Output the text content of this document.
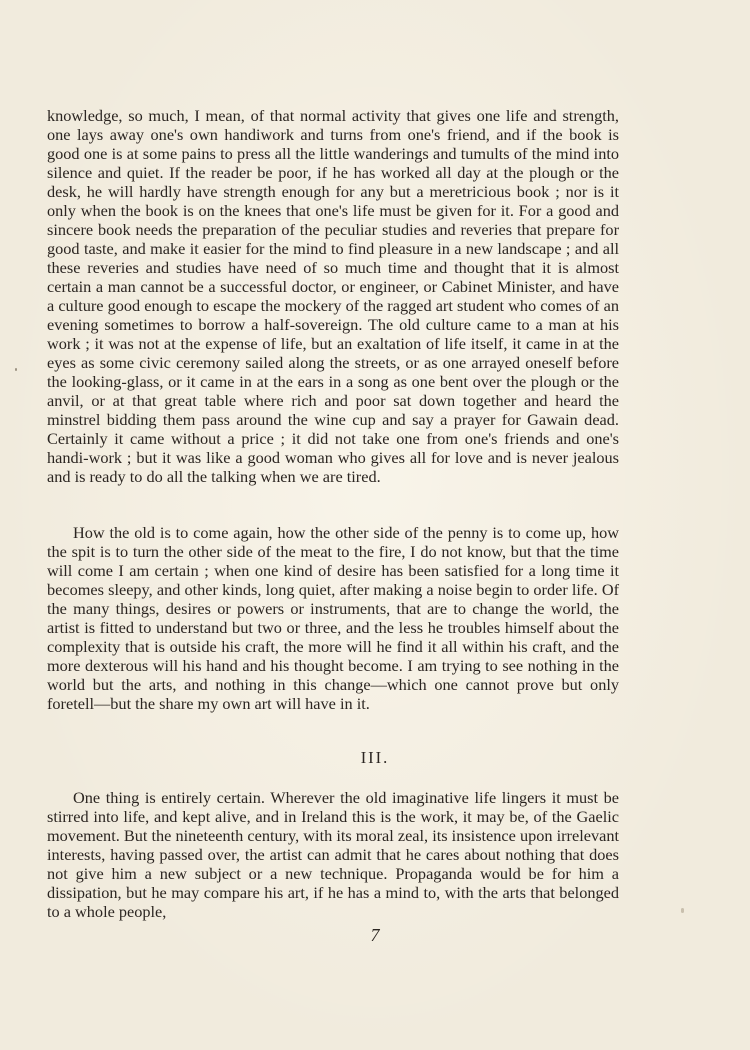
knowledge, so much, I mean, of that normal activity that gives one life and strength, one lays away one's own handiwork and turns from one's friend, and if the book is good one is at some pains to press all the little wanderings and tumults of the mind into silence and quiet. If the reader be poor, if he has worked all day at the plough or the desk, he will hardly have strength enough for any but a meretricious book ; nor is it only when the book is on the knees that one's life must be given for it. For a good and sincere book needs the preparation of the peculiar studies and reveries that prepare for good taste, and make it easier for the mind to find pleasure in a new landscape ; and all these reveries and studies have need of so much time and thought that it is almost certain a man cannot be a successful doctor, or engineer, or Cabinet Minister, and have a culture good enough to escape the mockery of the ragged art student who comes of an evening sometimes to borrow a half-sovereign. The old culture came to a man at his work ; it was not at the expense of life, but an exaltation of life itself, it came in at the eyes as some civic ceremony sailed along the streets, or as one arrayed oneself before the looking-glass, or it came in at the ears in a song as one bent over the plough or the anvil, or at that great table where rich and poor sat down together and heard the minstrel bidding them pass around the wine cup and say a prayer for Gawain dead. Certainly it came without a price ; it did not take one from one's friends and one's handi-work ; but it was like a good woman who gives all for love and is never jealous and is ready to do all the talking when we are tired.
How the old is to come again, how the other side of the penny is to come up, how the spit is to turn the other side of the meat to the fire, I do not know, but that the time will come I am certain ; when one kind of desire has been satisfied for a long time it becomes sleepy, and other kinds, long quiet, after making a noise begin to order life. Of the many things, desires or powers or instruments, that are to change the world, the artist is fitted to understand but two or three, and the less he troubles himself about the complexity that is outside his craft, the more will he find it all within his craft, and the more dexterous will his hand and his thought become. I am trying to see nothing in the world but the arts, and nothing in this change—which one cannot prove but only foretell—but the share my own art will have in it.
III.
One thing is entirely certain. Wherever the old imaginative life lingers it must be stirred into life, and kept alive, and in Ireland this is the work, it may be, of the Gaelic movement. But the nineteenth century, with its moral zeal, its insistence upon irrelevant interests, having passed over, the artist can admit that he cares about nothing that does not give him a new subject or a new technique. Propaganda would be for him a dissipation, but he may compare his art, if he has a mind to, with the arts that belonged to a whole people,
7
